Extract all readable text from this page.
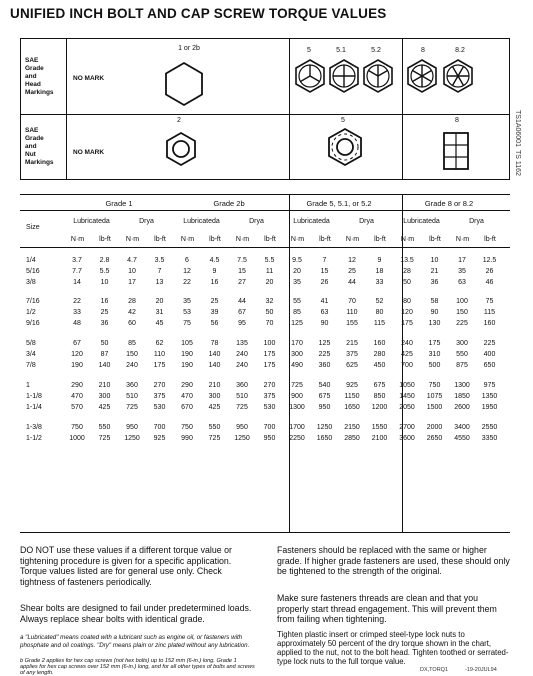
UNIFIED INCH BOLT AND CAP SCREW TORQUE VALUES
TS1A06001
TS 1162
SAE
Grade
and
Head
Markings
SAE
Grade
and
Nut
Markings
NO MARK
NO MARK
1 or 2b	5	5.1	5.2	8	8.2
2	5	8
Size
Grade 1	Grade 2b	Grade 5, 5.1, or 5.2	Grade 8 or 8.2
Lubricateda	Drya	Lubricateda	Drya	Lubricateda	Drya	Lubricateda	Drya
N·m	lb-ft	N·m	lb-ft	N·m	lb-ft	N·m	lb-ft	N·m	lb-ft	N·m	lb-ft	N·m	lb-ft	N·m	lb-ft
1/4	3.7	2.8	4.7	3.5	6	4.5	7.5	5.5	9.5	7	12	9	13.5	10	17	12.5
5/16	7.7	5.5	10	7	12	9	15	11	20	15	25	18	28	21	35	26
3/8	14	10	17	13	22	16	27	20	35	26	44	33	50	36	63	46
7/16	22	16	28	20	35	25	44	32	55	41	70	52	80	58	100	75
1/2	33	25	42	31	53	39	67	50	85	63	110	80	120	90	150	115
9/16	48	36	60	45	75	56	95	70	125	90	155	115	175	130	225	160
5/8	67	50	85	62	105	78	135	100	170	125	215	160	240	175	300	225
3/4	120	87	150	110	190	140	240	175	300	225	375	280	425	310	550	400
7/8	190	140	240	175	190	140	240	175	490	360	625	450	700	500	875	650
1	290	210	360	270	290	210	360	270	725	540	925	675	1050	750	1300	975
1-1/8	470	300	510	375	470	300	510	375	900	675	1150	850	1450	1075	1850	1350
1-1/4	570	425	725	530	670	425	725	530	1300	950	1650	1200	2050	1500	2600	1950
1-3/8	750	550	950	700	750	550	950	700	1700	1250	2150	1550	2700	2000	3400	2550
1-1/2	1000	725	1250	925	990	725	1250	950	2250	1650	2850	2100	3600	2650	4550	3350
DO NOT use these values if a different torque value or tightening procedure is given for a specific application. Torque values listed are for general use only. Check tightness of fasteners periodically.
Shear bolts are designed to fail under predetermined loads. Always replace shear bolts with identical grade.
Fasteners should be replaced with the same or higher grade. If higher grade fasteners are used, these should only be tightened to the strength of the original.
Make sure fasteners threads are clean and that you properly start thread engagement. This will prevent them from failing when tightening.
a "Lubricated" means coated with a lubricant such as engine oil, or fasteners with phosphate and oil coatings. "Dry" means plain or zinc plated without any lubrication.
Tighten plastic insert or crimped steel-type lock nuts to approximately 50 percent of the dry torque shown in the chart, applied to the nut, not to the bolt head. Tighten toothed or serrated-type lock nuts to the full torque value.
b Grade 2 applies for hex cap screws (not hex bolts) up to 152 mm (6-in.) long. Grade 1 applies for hex cap screws over 152 mm (6-in.) long, and for all other types of bolts and screws of any length.	DX,TORQ1	-19-20JUL94
